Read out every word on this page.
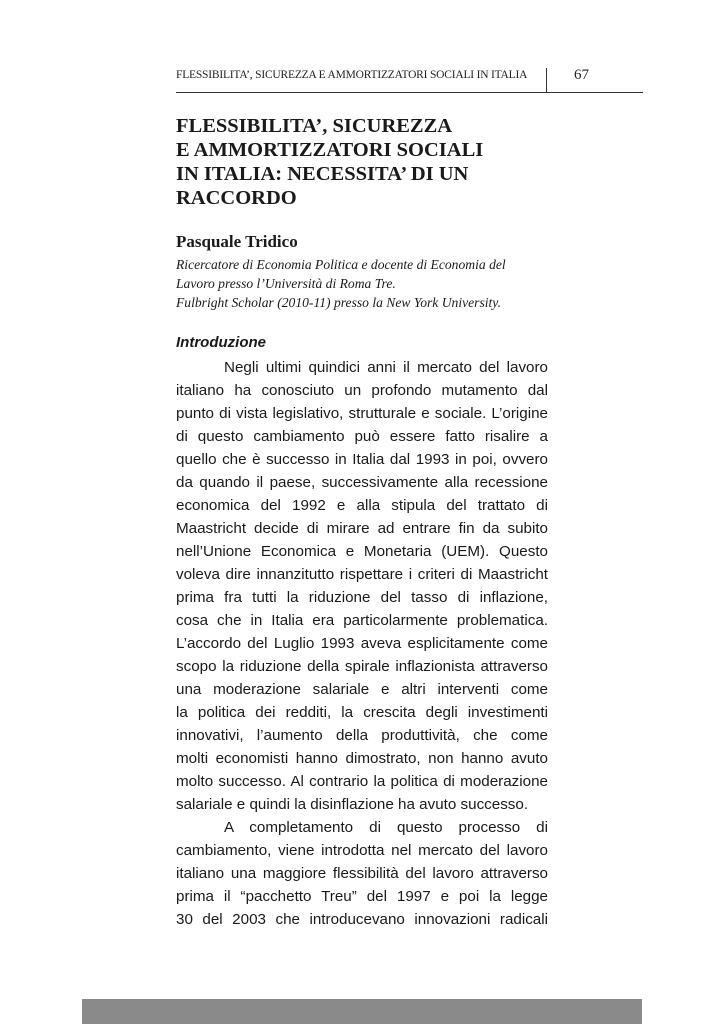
FLESSIBILITA’, SICUREZZA E AMMORTIZZATORI SOCIALI IN ITALIA	67
FLESSIBILITA’, SICUREZZA
E AMMORTIZZATORI SOCIALI
IN ITALIA: NECESSITA’ DI UN
RACCORDO
Pasquale Tridico
Ricercatore di Economia Politica e docente di Economia del
Lavoro presso l’Università di Roma Tre.
Fulbright Scholar (2010-11) presso la New York University.
Introduzione
Negli ultimi quindici anni il mercato del lavoro
italiano ha conosciuto un profondo mutamento dal
punto di vista legislativo, strutturale e sociale. L’origine
di questo cambiamento può essere fatto risalire a
quello che è successo in Italia dal 1993 in poi, ovvero
da quando il paese, successivamente alla recessione
economica del 1992 e alla stipula del trattato di
Maastricht decide di mirare ad entrare fin da subito
nell’Unione Economica e Monetaria (UEM). Questo
voleva dire innanzitutto rispettare i criteri di Maastricht
prima fra tutti la riduzione del tasso di inflazione,
cosa che in Italia era particolarmente problematica.
L’accordo del Luglio 1993 aveva esplicitamente come
scopo la riduzione della spirale inflazionista attraverso
una moderazione salariale e altri interventi come
la politica dei redditi, la crescita degli investimenti
innovativi, l’aumento della produttività, che come
molti economisti hanno dimostrato, non hanno avuto
molto successo. Al contrario la politica di moderazione
salariale e quindi la disinflazione ha avuto successo.
A completamento di questo processo di
cambiamento, viene introdotta nel mercato del lavoro
italiano una maggiore flessibilità del lavoro attraverso
prima il “pacchetto Treu” del 1997 e poi la legge
30 del 2003 che introducevano innovazioni radicali
